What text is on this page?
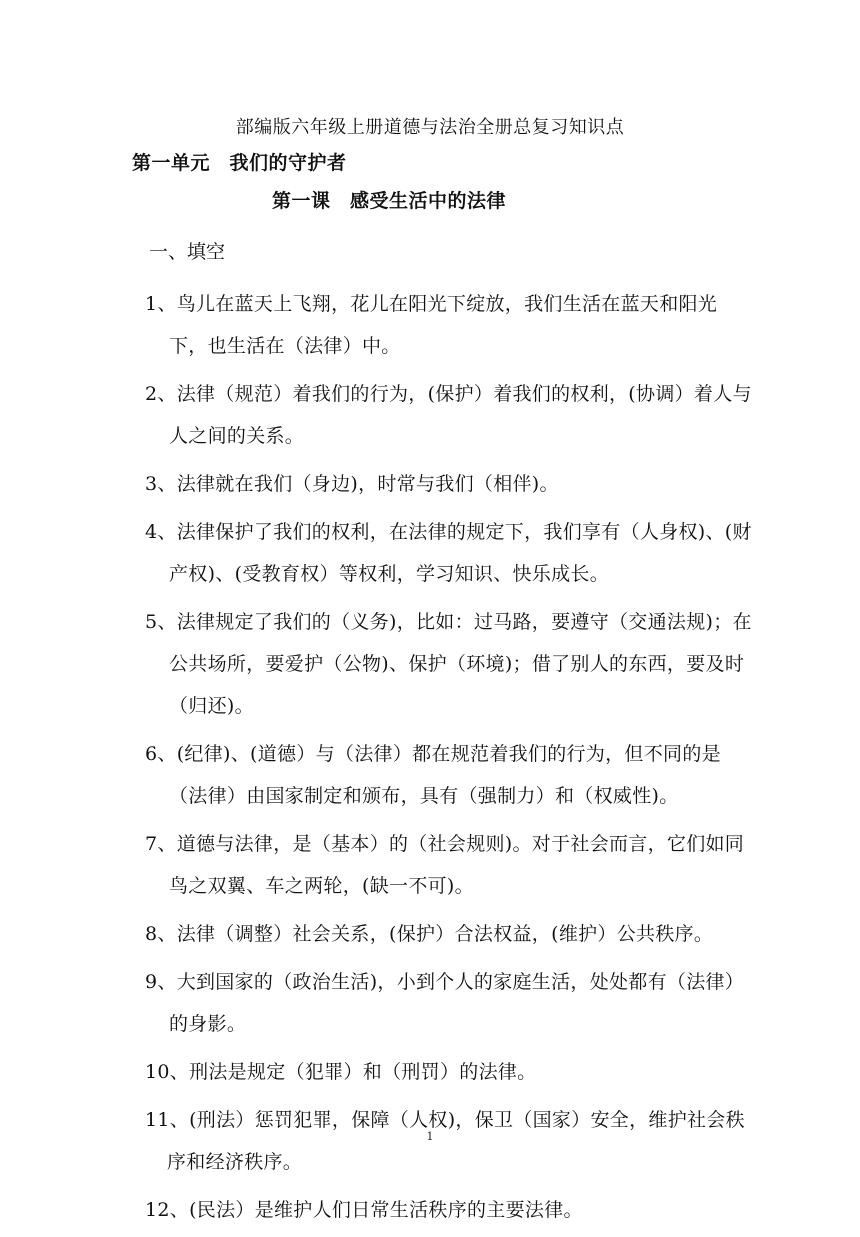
部编版六年级上册道德与法治全册总复习知识点
第一单元　我们的守护者
第一课　感受生活中的法律
一、填空
1、鸟儿在蓝天上飞翔，花儿在阳光下绽放，我们生活在蓝天和阳光下，也生活在（法律）中。
2、法律（规范）着我们的行为，(保护）着我们的权利，(协调）着人与人之间的关系。
3、法律就在我们（身边)，时常与我们（相伴)。
4、法律保护了我们的权利，在法律的规定下，我们享有（人身权)、(财产权)、(受教育权）等权利，学习知识、快乐成长。
5、法律规定了我们的（义务)，比如：过马路，要遵守（交通法规)；在公共场所，要爱护（公物)、保护（环境)；借了别人的东西，要及时（归还)。
6、(纪律)、(道德）与（法律）都在规范着我们的行为，但不同的是（法律）由国家制定和颁布，具有（强制力）和（权威性)。
7、道德与法律，是（基本）的（社会规则)。对于社会而言，它们如同鸟之双翼、车之两轮，(缺一不可)。
8、法律（调整）社会关系，(保护）合法权益，(维护）公共秩序。
9、大到国家的（政治生活)，小到个人的家庭生活，处处都有（法律）的身影。
10、刑法是规定（犯罪）和（刑罚）的法律。
11、(刑法）惩罚犯罪，保障（人权)，保卫（国家）安全，维护社会秩序和经济秩序。
12、(民法）是维护人们日常生活秩序的主要法律。
1
